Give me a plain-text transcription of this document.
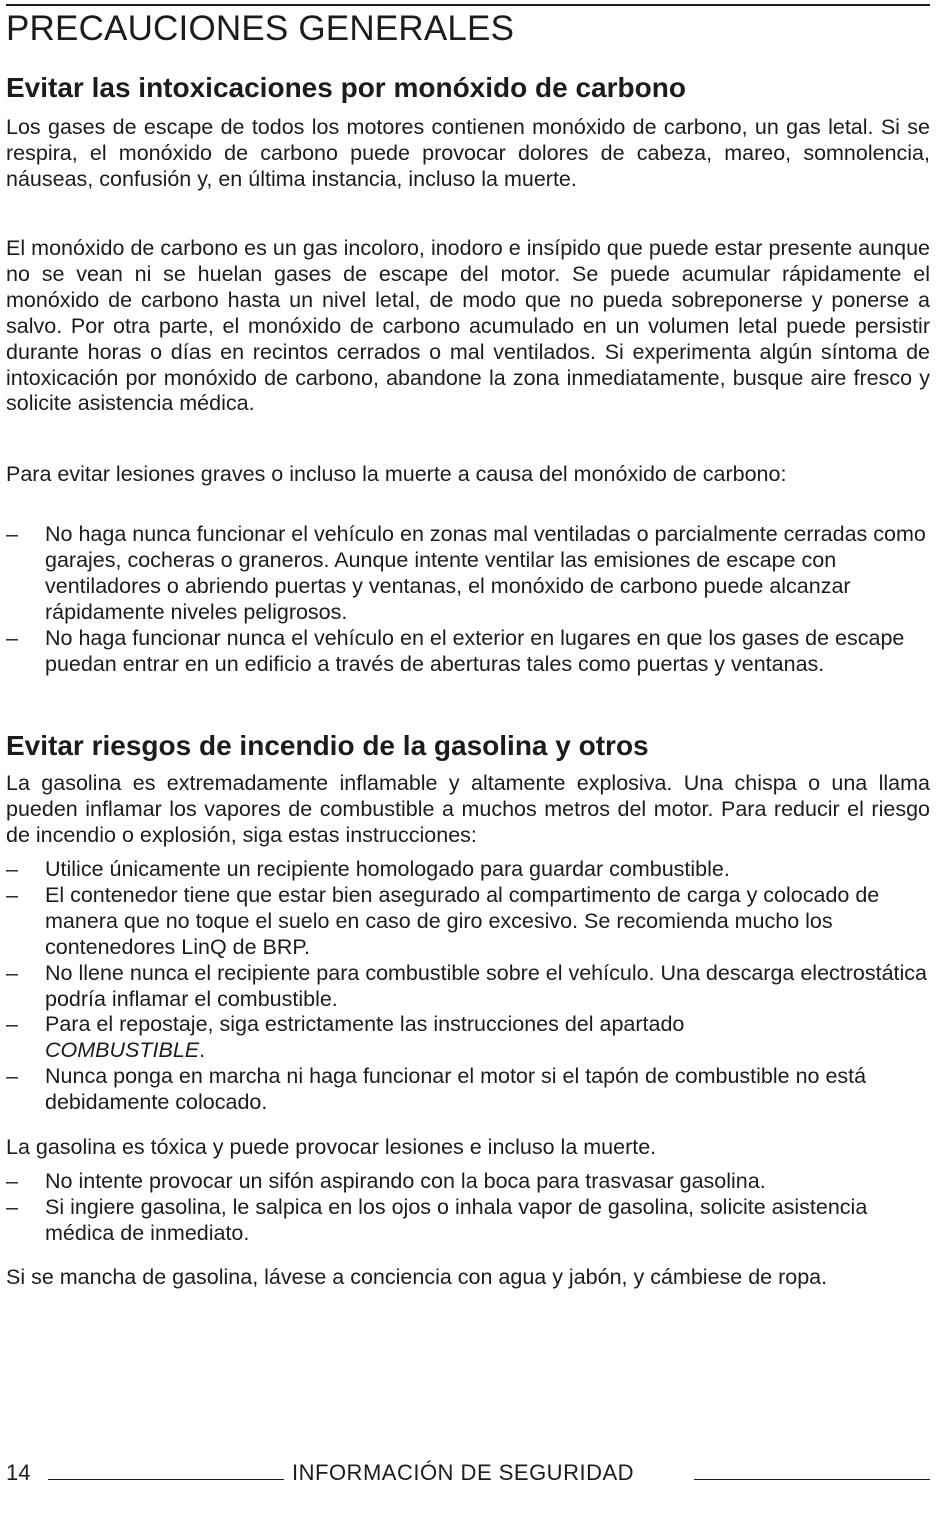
PRECAUCIONES GENERALES
Evitar las intoxicaciones por monóxido de carbono

Los gases de escape de todos los motores contienen monóxido de carbono, un gas letal. Si se respira, el monóxido de carbono puede provocar dolores de cabeza, mareo, somnolencia, náuseas, confusión y, en última instancia, incluso la muerte.

El monóxido de carbono es un gas incoloro, inodoro e insípido que puede estar presente aunque no se vean ni se huelan gases de escape del motor. Se puede acumular rápidamente el monóxido de carbono hasta un nivel letal, de modo que no pueda sobreponerse y ponerse a salvo. Por otra parte, el monóxido de carbono acumulado en un volumen letal puede persistir durante horas o días en recintos cerrados o mal ventilados. Si experimenta algún síntoma de intoxicación por monóxido de carbono, abandone la zona inmediatamente, busque aire fresco y solicite asistencia médica.

Para evitar lesiones graves o incluso la muerte a causa del monóxido de carbono:

– No haga nunca funcionar el vehículo en zonas mal ventiladas o parcialmente cerradas como garajes, cocheras o graneros. Aunque intente ventilar las emisiones de escape con ventiladores o abriendo puertas y ventanas, el monóxido de carbono puede alcanzar rápidamente niveles peligrosos.
– No haga funcionar nunca el vehículo en el exterior en lugares en que los gases de escape puedan entrar en un edificio a través de aberturas tales como puertas y ventanas.
Evitar riesgos de incendio de la gasolina y otros

La gasolina es extremadamente inflamable y altamente explosiva. Una chispa o una llama pueden inflamar los vapores de combustible a muchos metros del motor. Para reducir el riesgo de incendio o explosión, siga estas instrucciones:

– Utilice únicamente un recipiente homologado para guardar combustible.
– El contenedor tiene que estar bien asegurado al compartimento de carga y colocado de manera que no toque el suelo en caso de giro excesivo. Se recomienda mucho los contenedores LinQ de BRP.
– No llene nunca el recipiente para combustible sobre el vehículo. Una descarga electrostática podría inflamar el combustible.
– Para el repostaje, siga estrictamente las instrucciones del apartado
COMBUSTIBLE.
– Nunca ponga en marcha ni haga funcionar el motor si el tapón de combustible no está debidamente colocado.

La gasolina es tóxica y puede provocar lesiones e incluso la muerte.

– No intente provocar un sifón aspirando con la boca para trasvasar gasolina.
– Si ingiere gasolina, le salpica en los ojos o inhala vapor de gasolina, solicite asistencia médica de inmediato.

Si se mancha de gasolina, lávese a conciencia con agua y jabón, y cámbiese de ropa.

14	INFORMACIÓN DE SEGURIDAD
